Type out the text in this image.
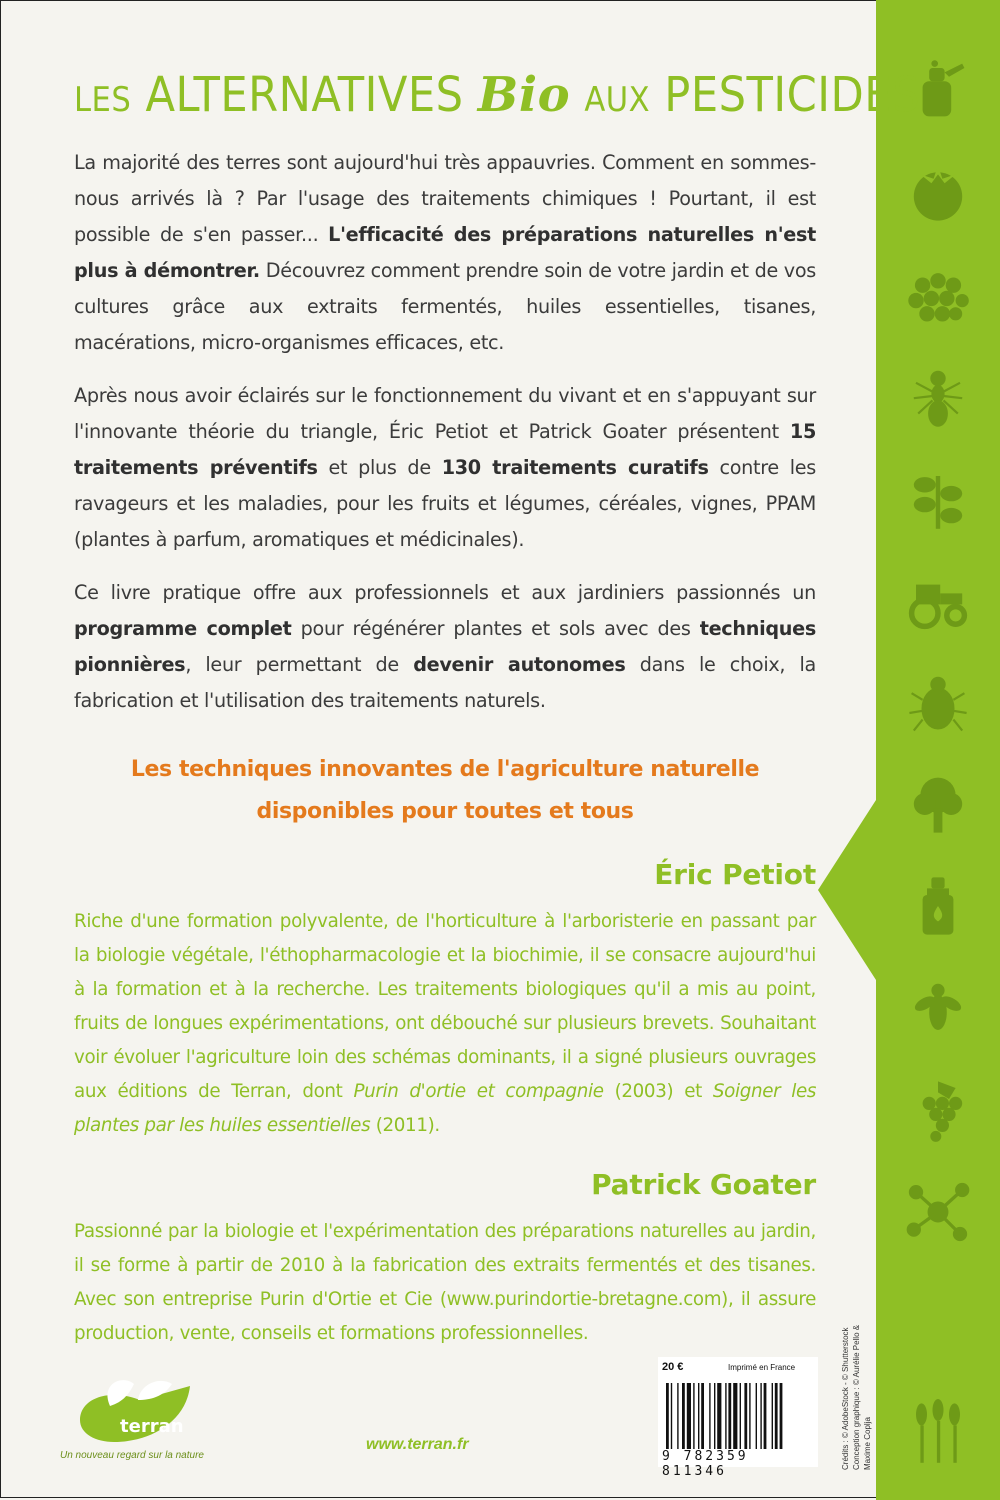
LES ALTERNATIVES Bio AUX PESTICIDES

La majorité des terres sont aujourd'hui très appauvries. Comment en sommes-nous arrivés là ? Par l'usage des traitements chimiques ! Pourtant, il est possible de s'en passer... L'efficacité des préparations naturelles n'est plus à démontrer. Découvrez comment prendre soin de votre jardin et de vos cultures grâce aux extraits fermentés, huiles essentielles, tisanes, macérations, micro-organismes efficaces, etc.

Après nous avoir éclairés sur le fonctionnement du vivant et en s'appuyant sur l'innovante théorie du triangle, Éric Petiot et Patrick Goater présentent 15 traitements préventifs et plus de 130 traitements curatifs contre les ravageurs et les maladies, pour les fruits et légumes, céréales, vignes, PPAM (plantes à parfum, aromatiques et médicinales).

Ce livre pratique offre aux professionnels et aux jardiniers passionnés un programme complet pour régénérer plantes et sols avec des techniques pionnières, leur permettant de devenir autonomes dans le choix, la fabrication et l'utilisation des traitements naturels.

Les techniques innovantes de l'agriculture naturelle
disponibles pour toutes et tous
Éric Petiot

Riche d'une formation polyvalente, de l'horticulture à l'arboristerie en passant par la biologie végétale, l'éthopharmacologie et la biochimie, il se consacre aujourd'hui à la formation et à la recherche. Les traitements biologiques qu'il a mis au point, fruits de longues expérimentations, ont débouché sur plusieurs brevets. Souhaitant voir évoluer l'agriculture loin des schémas dominants, il a signé plusieurs ouvrages aux éditions de Terran, dont Purin d'ortie et compagnie (2003) et Soigner les plantes par les huiles essentielles (2011).

Patrick Goater

Passionné par la biologie et l'expérimentation des préparations naturelles au jardin, il se forme à partir de 2010 à la fabrication des extraits fermentés et des tisanes. Avec son entreprise Purin d'Ortie et Cie (www.purindortie-bretagne.com), il assure production, vente, conseils et formations professionnelles.

terran
Un nouveau regard sur la nature
www.terran.fr
20 €	Imprimé en France
9 782359 811346
Crédits : © AdobeStock - © Shutterstock Conception graphique : © Aurélie Pello & Maxime Coplja
